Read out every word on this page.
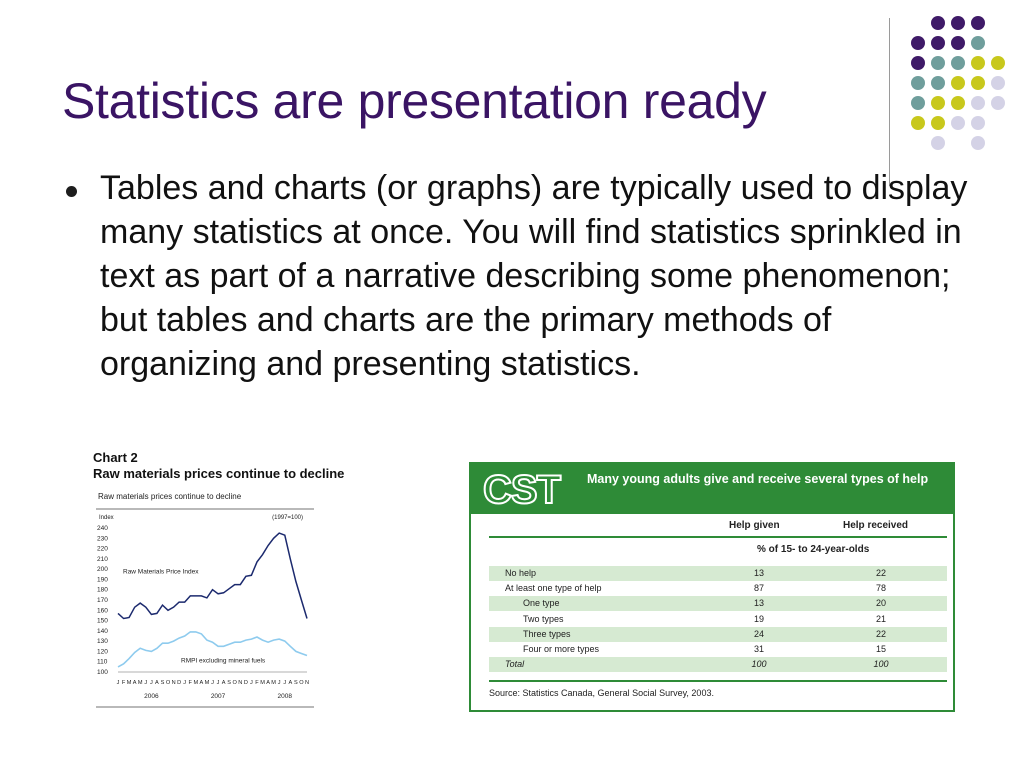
Statistics are presentation ready

Tables and charts (or graphs) are typically used to display many statistics at once. You will find statistics sprinkled in text as part of a narrative describing some phenomenon; but tables and charts are the primary methods of organizing and presenting statistics.

Chart 2
Raw materials prices continue to decline
Raw materials prices continue to decline
Index	(1997=100)
240
230
220
210
200
190
180
170
160
150
140
130
120
110
100
J F M A M J J A S O N D J F M A M J J A S O N D J F M A M J J A S O N
2006	2007	2008
Raw Materials Price Index
RMPI excluding mineral fuels
CST Many young adults give and receive several types of help
Help given	Help received
% of 15- to 24-year-olds
No help	13	22
At least one type of help	87	78
One type	13	20
Two types	19	21
Three types	24	22
Four or more types	31	15
Total	100	100
Source: Statistics Canada, General Social Survey, 2003.
